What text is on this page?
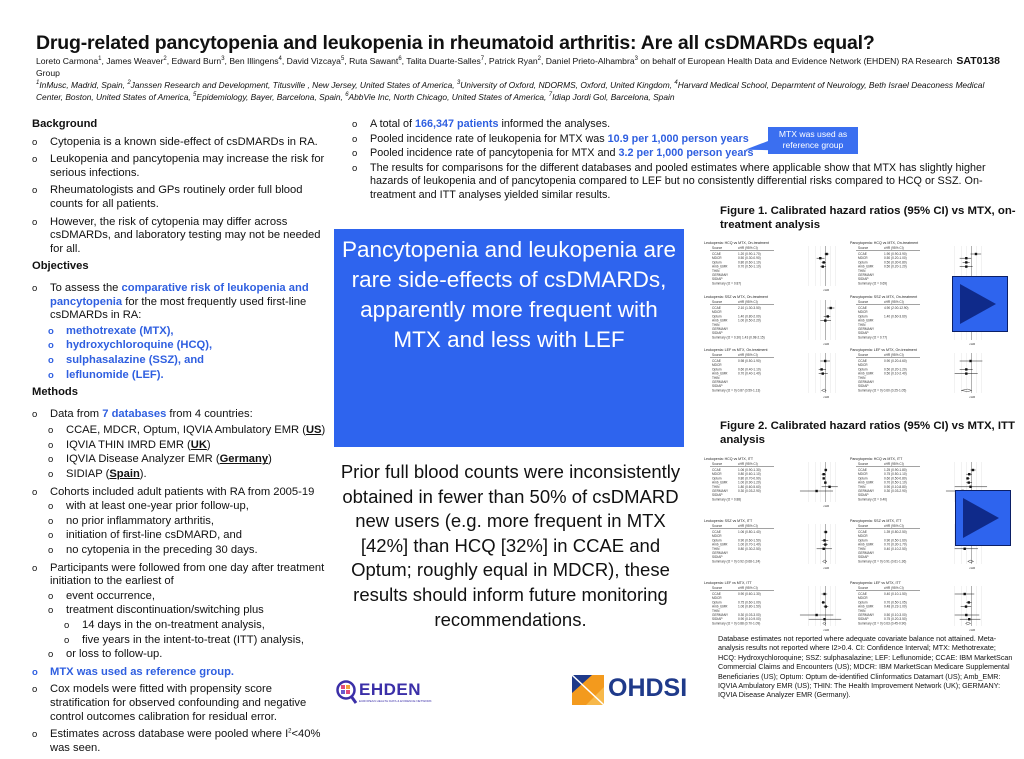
Drug-related pancytopenia and leukopenia in rheumatoid arthritis: Are all csDMARDs equal?
SAT0138
Loreto Carmona$^1$, James Weaver$^2$, Edward Burn$^3$, Ben Illingens$^4$, David Vizcaya$^5$, Ruta Sawant$^6$, Talita Duarte-Salles$^7$, Patrick Ryan$^2$, Daniel Prieto-Alhambra$^3$ on behalf of European Health Data and Evidence Network (EHDEN) RA Research Group
$^1$InMusc, Madrid, Spain, $^2$Janssen Research and Development, Titusville , New Jersey, United States of America, $^3$University of Oxford, NDORMS, Oxford, United Kingdom, $^4$Harvard Medical School, Deparmtent of Neurology, Beth Israel Deaconess Medical Center, Boston, United States of America, $^5$Epidemiology, Bayer, Barcelona, Spain, $^6$AbbVie Inc, North Chicago, United States of America, $^7$Idiap Jordi Gol, Barcelona, Spain
Background
o Cytopenia is a known side-effect of csDMARDs in RA.
o Leukopenia and pancytopenia may increase the risk for serious infections.
o Rheumatologists and GPs routinely order full blood counts for all patients.
o However, the risk of cytopenia may differ across csDMARDs, and laboratory testing may not be needed for all.
Objectives
o To assess the comparative risk of leukopenia and pancytopenia for the most frequently used first-line csDMARDs in RA:
o methotrexate (MTX),
o hydroxychloroquine (HCQ),
o sulphasalazine (SSZ), and
o leflunomide (LEF).
Methods
o Data from 7 databases from 4 countries:
o CCAE, MDCR, Optum, IQVIA Ambulatory EMR (US)
o IQVIA THIN IMRD EMR (UK)
o IQVIA Disease Analyzer EMR (Germany)
o SIDIAP (Spain).
o Cohorts included adult patients with RA from 2005-19
o with at least one-year prior follow-up,
o no prior inflammatory arthritis,
o initiation of first-line csDMARD, and
o no cytopenia in the preceding 30 days.
o Participants were followed from one day after treatment initiation to the earliest of
o event occurrence,
o treatment discontinuation/switching plus
o 14 days in the on-treatment analysis,
o five years in the intent-to-treat (ITT) analysis,
o or loss to follow-up.
o MTX was used as reference group.
o Cox models were fitted with propensity score stratification for observed confounding and negative control outcomes calibration for residual error.
o Estimates across database were pooled where $I^2<40\%$ was seen.
o A total of 166,347 patients informed the analyses.
o Pooled incidence rate of leukopenia for MTX was 10.9 per 1,000 person years
o Pooled incidence rate of pancytopenia for MTX and 3.2 per 1,000 person years
o The results for comparisons for the different databases and pooled estimates where applicable show that MTX has slightly higher hazards of leukopenia and of pancytopenia compared to LEF but no consistently differential risks compared to HCQ or SSZ. On-treatment and ITT analyses yielded similar results.
MTX was used as reference group
Pancytopenia and leukopenia are rare side-effects of csDMARDs, apparently more frequent with MTX and less with LEF
Prior full blood counts were inconsistently obtained in fewer than 50% of csDMARD new users (e.g. more frequent in MTX [42%] than HCQ [32%] in CCAE and Optum; roughly equal in MDCR), these results should inform future monitoring recommendations.
Figure 1. Calibrated hazard ratios (95% CI) vs MTX, on-treatment analysis
Figure 2. Calibrated hazard ratios (95% CI) vs MTX, ITT analysis
Leukopenia: HCQ vs MTX, On-treatment
Source	cHR (95% CI)
CCAE	1.20 (0.90-1.70)
MDCR	0.50 (0.30-0.90)
Optum	0.80 (0.60-1.10)
Amb_EMR	0.70 (0.50-1.10)
THIN
GERMANY
SIDIAP
Summary (I2 = 0.87)
cHR
Pancytopenia: HCQ vs MTX, On-treatment
Source	cHR (95% CI)
CCAE	1.90 (0.90-3.90)
MDCR	0.50 (0.20-1.00)
Optum	0.50 (0.30-0.80)
Amb_EMR	0.50 (0.20-1.20)
THIN
GERMANY
SIDIAP
Summary (I2 = 0.69)
Leukopenia: SSZ vs MTX, On-treatment
Source	cHR (95% CI)
CCAE	2.10 (1.30-3.50)
MDCR
Optum	1.40 (0.80-2.00)
Amb_EMR	1.00 (0.50-2.20)
THIN
GERMANY
SIDIAP
Summary (I2 = 0.30) 1.43 (0.98-2.15)
cHR
Pancytopenia: SSZ vs MTX, On-treatment
Source	cHR (95% CI)
CCAE	4.90 (2.00-12.90)
MDCR
Optum	1.40 (0.60-3.60)
Amb_EMR
THIN
GERMANY
SIDIAP
Summary (I2 = 0.77)
cHR
Leukopenia: LEF vs MTX, On-treatment
Source	cHR (95% CI)
CCAE	0.98 (0.50-1.90)
MDCR
Optum	0.60 (0.40-1.10)
Amb_EMR	0.70 (0.40-1.40)
THIN
GERMANY
SIDIAP
Summary (I2 = 0) 0.87 (0.59-1.13)
cHR
Pancytopenia: LEF vs MTX, On-treatment
Source	cHR (95% CI)
CCAE	0.90 (0.20-4.60)
MDCR
Optum	0.50 (0.20-1.20)
Amb_EMR	0.50 (0.10-2.40)
THIN
GERMANY
SIDIAP
Summary (I2 = 0) 0.60 (0.25-1.05)
cHR
Leukopenia: HCQ vs MTX, ITT
Source	cHR (95% CI)
CCAE	1.06 (0.90-1.30)
MDCR	0.80 (0.60-1.10)
Optum	0.80 (0.70-0.90)
Amb_EMR	1.00 (0.90-1.20)
THIN	1.80 (0.60-5.60)
GERMANY	0.30 (0.03-2.90)
SIDIAP
Summary (I2 = 0.88)
cHR
Pancytopenia: HCQ vs MTX, ITT
Source	cHR (95% CI)
CCAE	1.25 (0.90-1.80)
MDCR	0.75 (0.50-1.10)
Optum	0.60 (0.50-0.80)
Amb_EMR	0.70 (0.50-1.10)
THIN	0.90 (0.10-8.80)
GERMANY	0.30 (0.03-2.90)
SIDIAP
Summary (I2 = 0.40)
Leukopenia: SSZ vs MTX, ITT
Source	cHR (95% CI)
CCAE	1.06 (0.80-1.40)
MDCR
Optum	0.90 (0.60-1.50)
Amb_EMR	1.00 (0.70-1.40)
THIN	0.80 (0.30-2.50)
GERMANY
SIDIAP
Summary (I2 = 0) 0.92 (0.68-1.24)
cHR
Pancytopenia: SSZ vs MTX, ITT
Source	cHR (95% CI)
CCAE	1.39 (0.80-2.50)
MDCR
Optum	0.90 (0.50-1.60)
Amb_EMR	0.70 (0.30-1.70)
THIN	0.40 (0.10-2.50)
GERMANY
SIDIAP
Summary (I2 = 0) 0.91 (0.61-1.36)
cHR
Leukopenia: LEF vs MTX, ITT
Source	cHR (95% CI)
CCAE	0.90 (0.60-1.30)
MDCR
Optum	0.75 (0.60-1.00)
Amb_EMR	1.06 (0.80-1.50)
THIN
GERMANY	0.30 (0.03-3.00)
SIDIAP	0.90 (0.10-9.00)
Summary (I2 = 0) 0.88 (0.70-1.09)
cHR
Pancytopenia: LEF vs MTX, ITT
Source	cHR (95% CI)
CCAE	0.40 (0.10-1.50)
MDCR
Optum	0.70 (0.50-1.05)
Amb_EMR	0.48 (0.23-1.00)
THIN
GERMANY	0.50 (0.10-3.00)
SIDIAP	0.75 (0.20-3.50)
Summary (I2 = 0) 0.63 (0.45-0.90)
cHR
Database estimates not reported where adequate covariate balance not attained. Meta-analysis results not reported where I2>0.4. CI: Confidence Interval; MTX: Methotrexate; HCQ: Hydroxychloroquine; SSZ: sulphasalazine; LEF: Leflunomide; CCAE: IBM MarketScan Commercial Claims and Encounters (US); MDCR: IBM MarketScan Medicare Supplemental Beneficiaries (US); Optum: Optum de-identified Clinformatics Datamart (US); Amb_EMR: IQVIA Ambulatory EMR (US); THIN: The Health Improvement Network (UK); GERMANY: IQVIA Disease Analyzer EMR (Germany).
EHDEN
EUROPEAN HEALTH DATA & EVIDENCE NETWORK	OHDSI
